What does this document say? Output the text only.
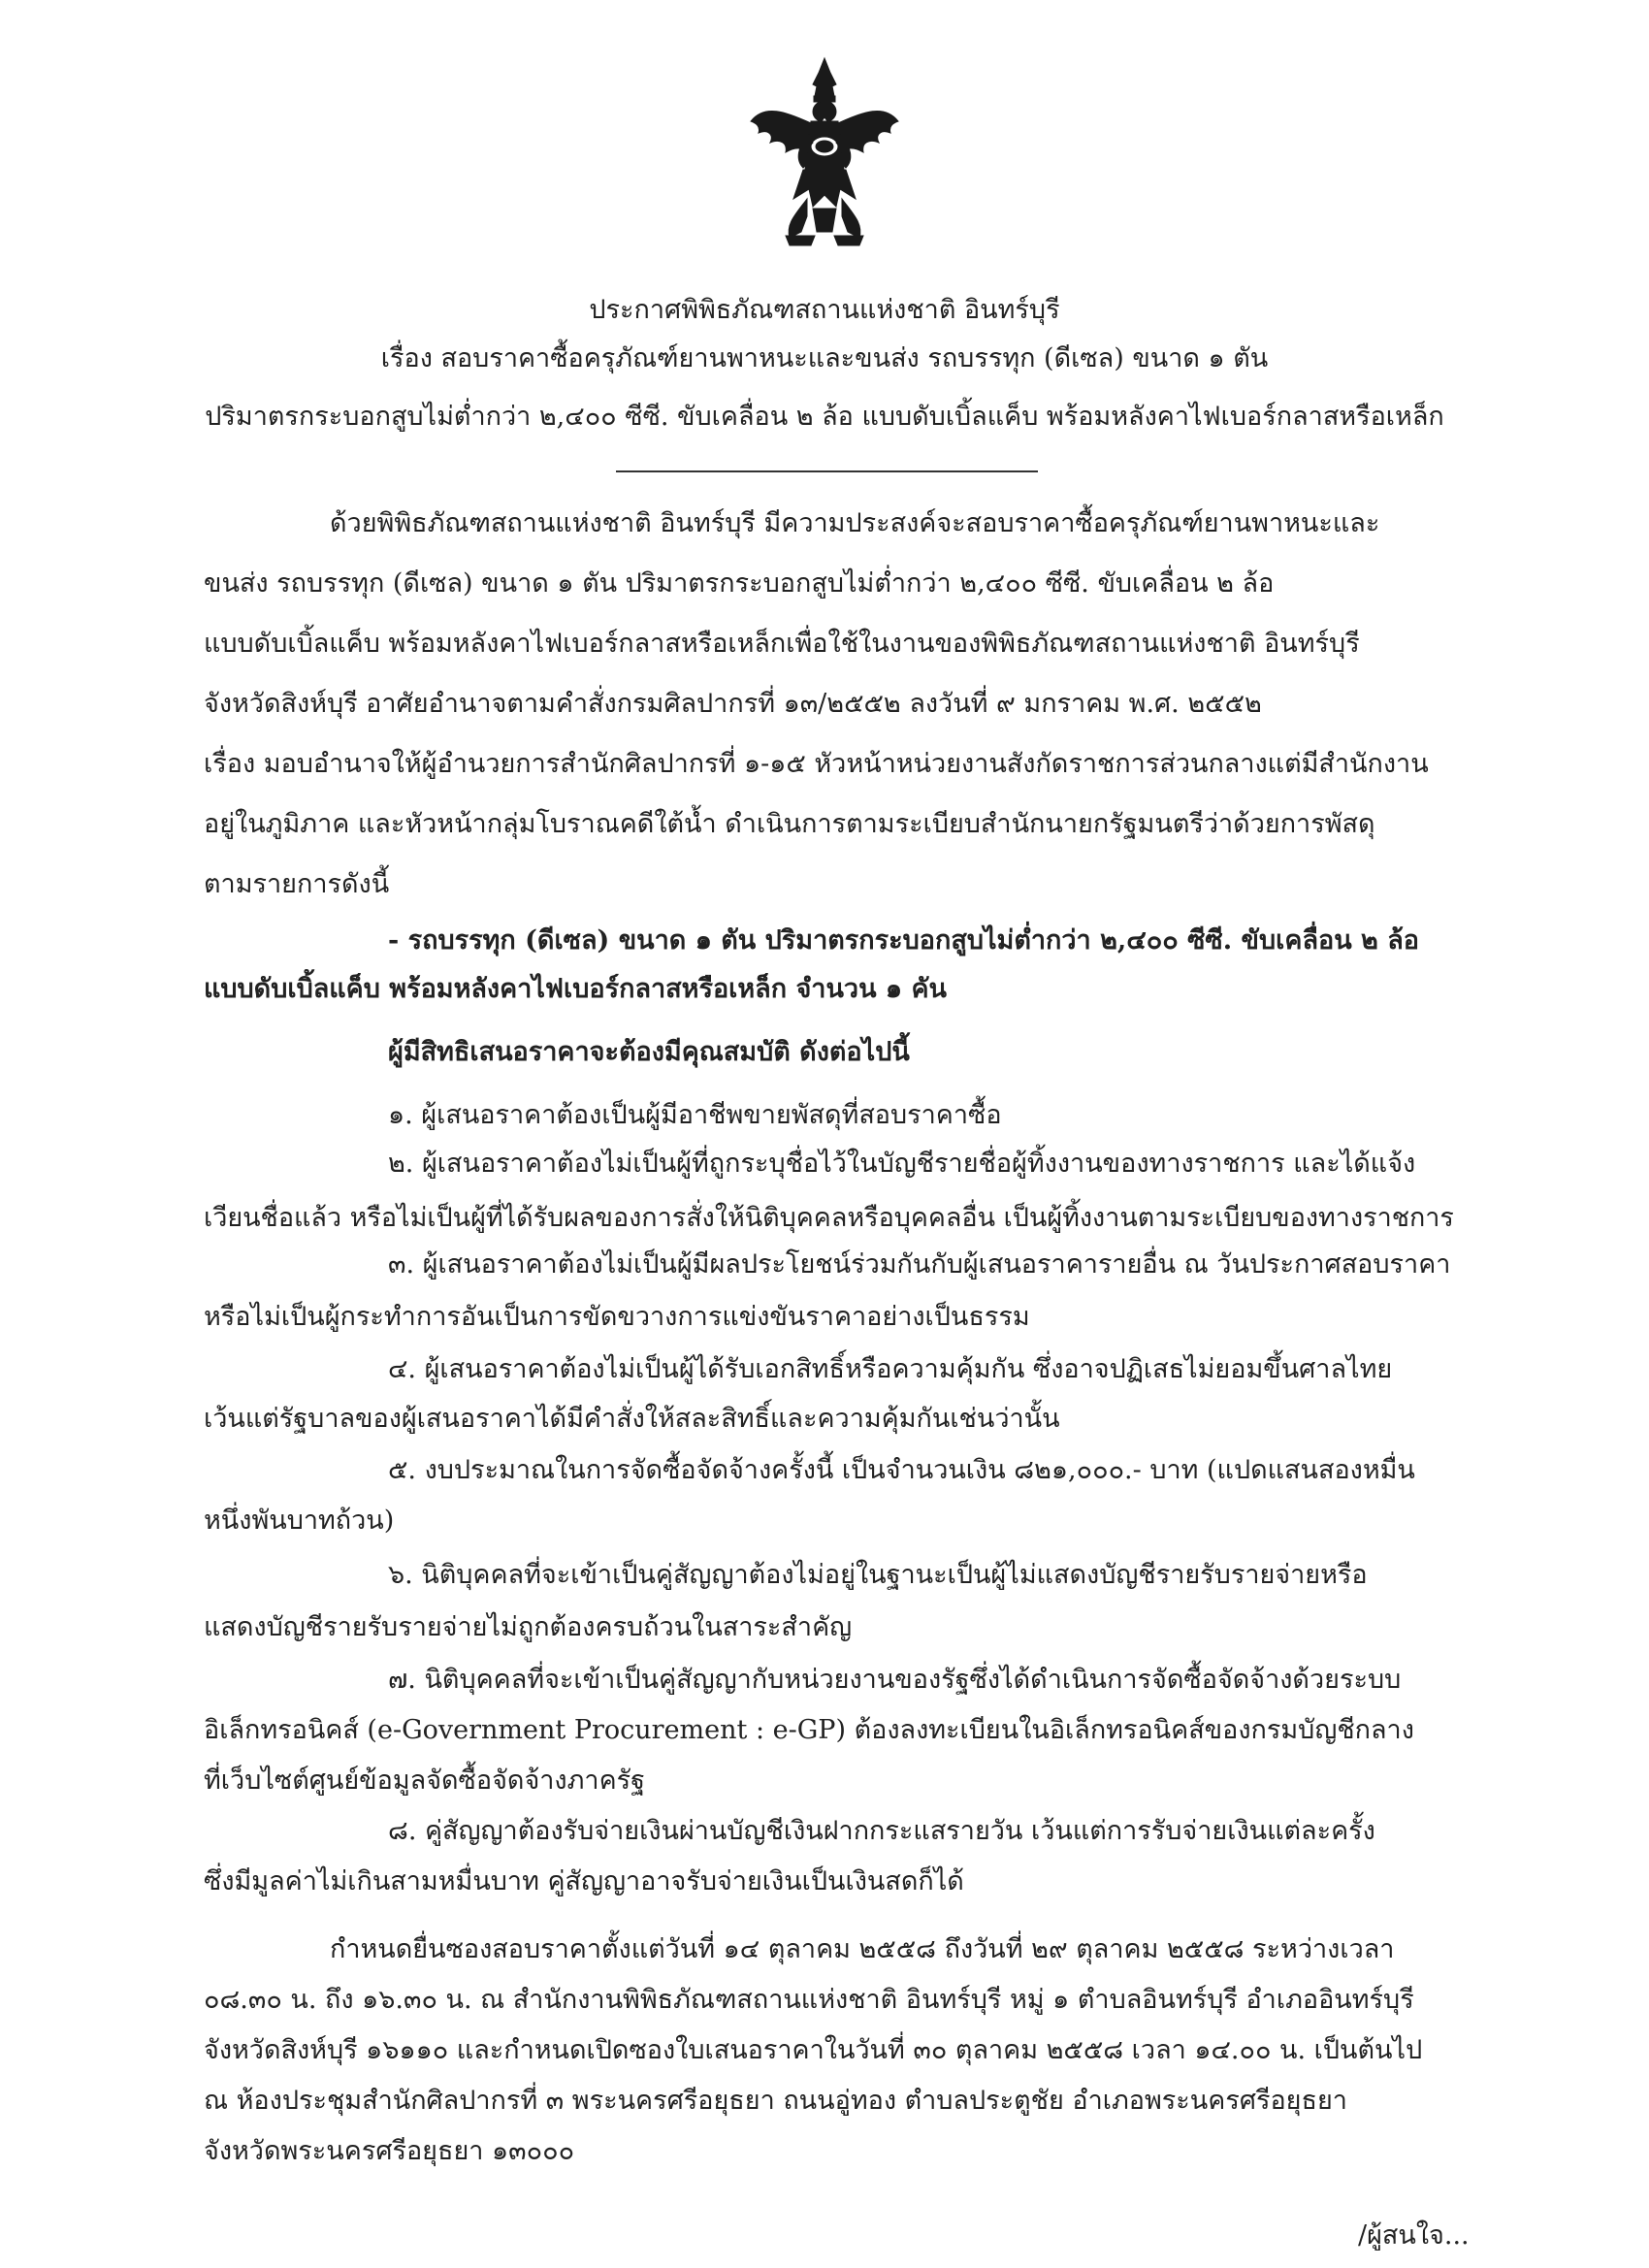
ประกาศพิพิธภัณฑสถานแห่งชาติ อินทร์บุรี
เรื่อง สอบราคาซื้อครุภัณฑ์ยานพาหนะและขนส่ง รถบรรทุก (ดีเซล) ขนาด ๑ ตัน
ปริมาตรกระบอกสูบไม่ต่ำกว่า ๒,๔๐๐ ซีซี. ขับเคลื่อน ๒ ล้อ แบบดับเบิ้ลแค็บ พร้อมหลังคาไฟเบอร์กลาสหรือเหล็ก
ด้วยพิพิธภัณฑสถานแห่งชาติ อินทร์บุรี มีความประสงค์จะสอบราคาซื้อครุภัณฑ์ยานพาหนะและ
ขนส่ง รถบรรทุก (ดีเซล) ขนาด ๑ ตัน ปริมาตรกระบอกสูบไม่ต่ำกว่า ๒,๔๐๐ ซีซี. ขับเคลื่อน ๒ ล้อ
แบบดับเบิ้ลแค็บ พร้อมหลังคาไฟเบอร์กลาสหรือเหล็กเพื่อใช้ในงานของพิพิธภัณฑสถานแห่งชาติ อินทร์บุรี
จังหวัดสิงห์บุรี อาศัยอำนาจตามคำสั่งกรมศิลปากรที่ ๑๓/๒๕๕๒ ลงวันที่ ๙ มกราคม พ.ศ. ๒๕๕๒
เรื่อง มอบอำนาจให้ผู้อำนวยการสำนักศิลปากรที่ ๑-๑๕ หัวหน้าหน่วยงานสังกัดราชการส่วนกลางแต่มีสำนักงาน
อยู่ในภูมิภาค และหัวหน้ากลุ่มโบราณคดีใต้น้ำ ดำเนินการตามระเบียบสำนักนายกรัฐมนตรีว่าด้วยการพัสดุ
ตามรายการดังนี้
- รถบรรทุก (ดีเซล) ขนาด ๑ ตัน ปริมาตรกระบอกสูบไม่ต่ำกว่า ๒,๔๐๐ ซีซี. ขับเคลื่อน ๒ ล้อ
แบบดับเบิ้ลแค็บ พร้อมหลังคาไฟเบอร์กลาสหรือเหล็ก จำนวน ๑ คัน
ผู้มีสิทธิเสนอราคาจะต้องมีคุณสมบัติ ดังต่อไปนี้
๑. ผู้เสนอราคาต้องเป็นผู้มีอาชีพขายพัสดุที่สอบราคาซื้อ
๒. ผู้เสนอราคาต้องไม่เป็นผู้ที่ถูกระบุชื่อไว้ในบัญชีรายชื่อผู้ทิ้งงานของทางราชการ และได้แจ้ง
เวียนชื่อแล้ว หรือไม่เป็นผู้ที่ได้รับผลของการสั่งให้นิติบุคคลหรือบุคคลอื่น เป็นผู้ทิ้งงานตามระเบียบของทางราชการ
๓. ผู้เสนอราคาต้องไม่เป็นผู้มีผลประโยชน์ร่วมกันกับผู้เสนอราคารายอื่น ณ วันประกาศสอบราคา
หรือไม่เป็นผู้กระทำการอันเป็นการขัดขวางการแข่งขันราคาอย่างเป็นธรรม
๔. ผู้เสนอราคาต้องไม่เป็นผู้ได้รับเอกสิทธิ์หรือความคุ้มกัน ซึ่งอาจปฏิเสธไม่ยอมขึ้นศาลไทย
เว้นแต่รัฐบาลของผู้เสนอราคาได้มีคำสั่งให้สละสิทธิ์และความคุ้มกันเช่นว่านั้น
๕. งบประมาณในการจัดซื้อจัดจ้างครั้งนี้ เป็นจำนวนเงิน ๘๒๑,๐๐๐.- บาท (แปดแสนสองหมื่น
หนึ่งพันบาทถ้วน)
๖. นิติบุคคลที่จะเข้าเป็นคู่สัญญาต้องไม่อยู่ในฐานะเป็นผู้ไม่แสดงบัญชีรายรับรายจ่ายหรือ
แสดงบัญชีรายรับรายจ่ายไม่ถูกต้องครบถ้วนในสาระสำคัญ
๗. นิติบุคคลที่จะเข้าเป็นคู่สัญญากับหน่วยงานของรัฐซึ่งได้ดำเนินการจัดซื้อจัดจ้างด้วยระบบ
อิเล็กทรอนิคส์ (e-Government Procurement : e-GP) ต้องลงทะเบียนในอิเล็กทรอนิคส์ของกรมบัญชีกลาง
ที่เว็บไซต์ศูนย์ข้อมูลจัดซื้อจัดจ้างภาครัฐ
๘. คู่สัญญาต้องรับจ่ายเงินผ่านบัญชีเงินฝากกระแสรายวัน เว้นแต่การรับจ่ายเงินแต่ละครั้ง
ซึ่งมีมูลค่าไม่เกินสามหมื่นบาท คู่สัญญาอาจรับจ่ายเงินเป็นเงินสดก็ได้
กำหนดยื่นซองสอบราคาตั้งแต่วันที่ ๑๔ ตุลาคม ๒๕๕๘ ถึงวันที่ ๒๙ ตุลาคม ๒๕๕๘ ระหว่างเวลา
๐๘.๓๐ น. ถึง ๑๖.๓๐ น. ณ สำนักงานพิพิธภัณฑสถานแห่งชาติ อินทร์บุรี หมู่ ๑ ตำบลอินทร์บุรี อำเภออินทร์บุรี
จังหวัดสิงห์บุรี ๑๖๑๑๐ และกำหนดเปิดซองใบเสนอราคาในวันที่ ๓๐ ตุลาคม ๒๕๕๘ เวลา ๑๔.๐๐ น. เป็นต้นไป
ณ ห้องประชุมสำนักศิลปากรที่ ๓ พระนครศรีอยุธยา ถนนอู่ทอง ตำบลประตูชัย อำเภอพระนครศรีอยุธยา
จังหวัดพระนครศรีอยุธยา ๑๓๐๐๐
/ผู้สนใจ...
